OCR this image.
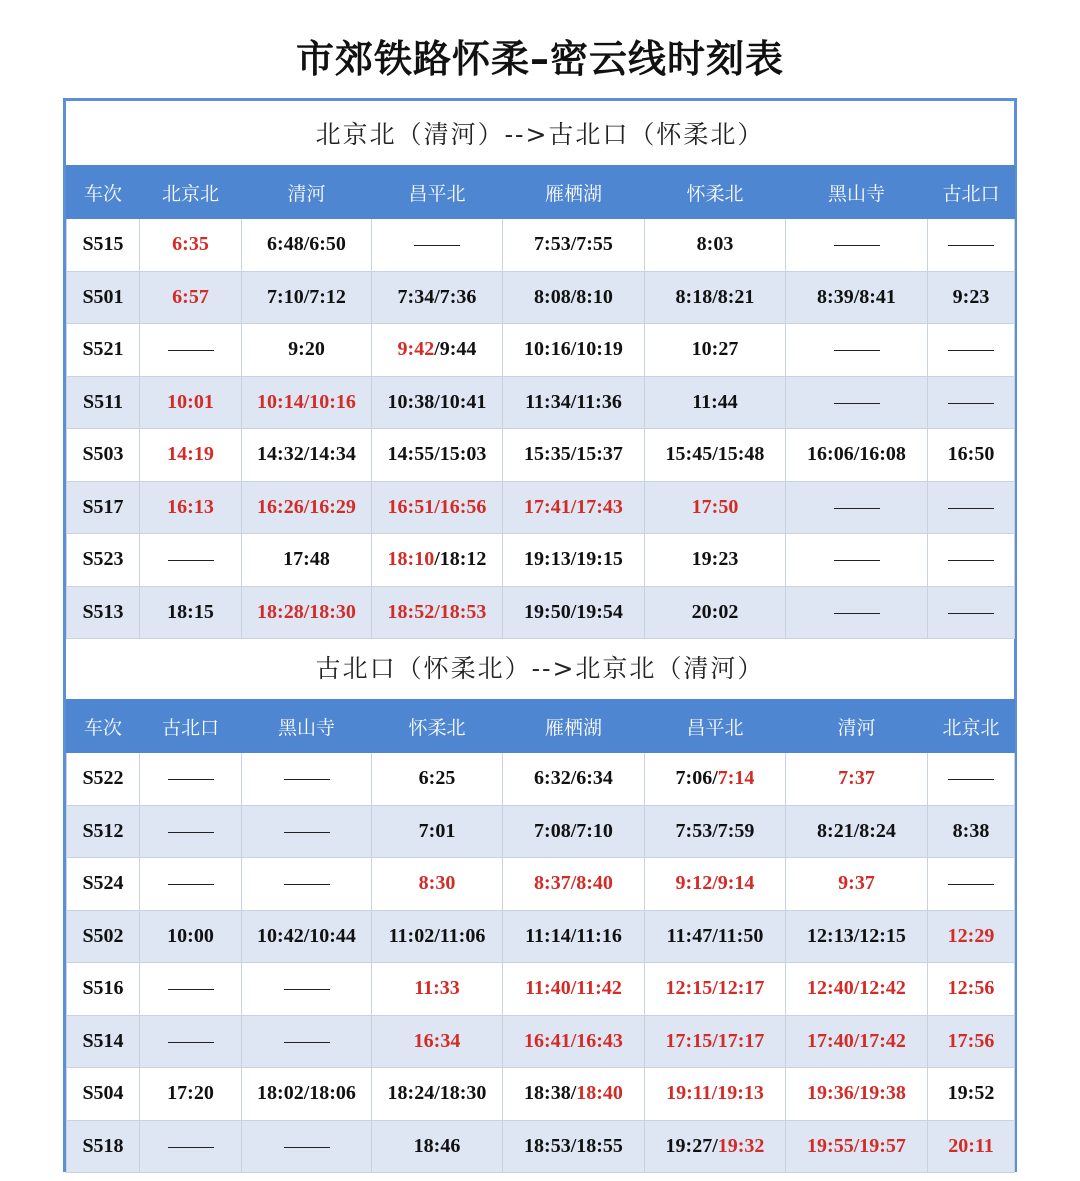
市郊铁路怀柔–密云线时刻表
北京北（清河）-->古北口（怀柔北）
车次	北京北	清河	昌平北	雁栖湖	怀柔北	黑山寺	古北口
S515	6:35	6:48/6:50		7:53/7:55	8:03		
S501	6:57	7:10/7:12	7:34/7:36	8:08/8:10	8:18/8:21	8:39/8:41	9:23
S521		9:20	9:42/9:44	10:16/10:19	10:27		
S511	10:01	10:14/10:16	10:38/10:41	11:34/11:36	11:44		
S503	14:19	14:32/14:34	14:55/15:03	15:35/15:37	15:45/15:48	16:06/16:08	16:50
S517	16:13	16:26/16:29	16:51/16:56	17:41/17:43	17:50		
S523		17:48	18:10/18:12	19:13/19:15	19:23		
S513	18:15	18:28/18:30	18:52/18:53	19:50/19:54	20:02		
古北口（怀柔北）-->北京北（清河）
车次	古北口	黑山寺	怀柔北	雁栖湖	昌平北	清河	北京北
S522			6:25	6:32/6:34	7:06/7:14	7:37	
S512			7:01	7:08/7:10	7:53/7:59	8:21/8:24	8:38
S524			8:30	8:37/8:40	9:12/9:14	9:37	
S502	10:00	10:42/10:44	11:02/11:06	11:14/11:16	11:47/11:50	12:13/12:15	12:29
S516			11:33	11:40/11:42	12:15/12:17	12:40/12:42	12:56
S514			16:34	16:41/16:43	17:15/17:17	17:40/17:42	17:56
S504	17:20	18:02/18:06	18:24/18:30	18:38/18:40	19:11/19:13	19:36/19:38	19:52
S518			18:46	18:53/18:55	19:27/19:32	19:55/19:57	20:11
